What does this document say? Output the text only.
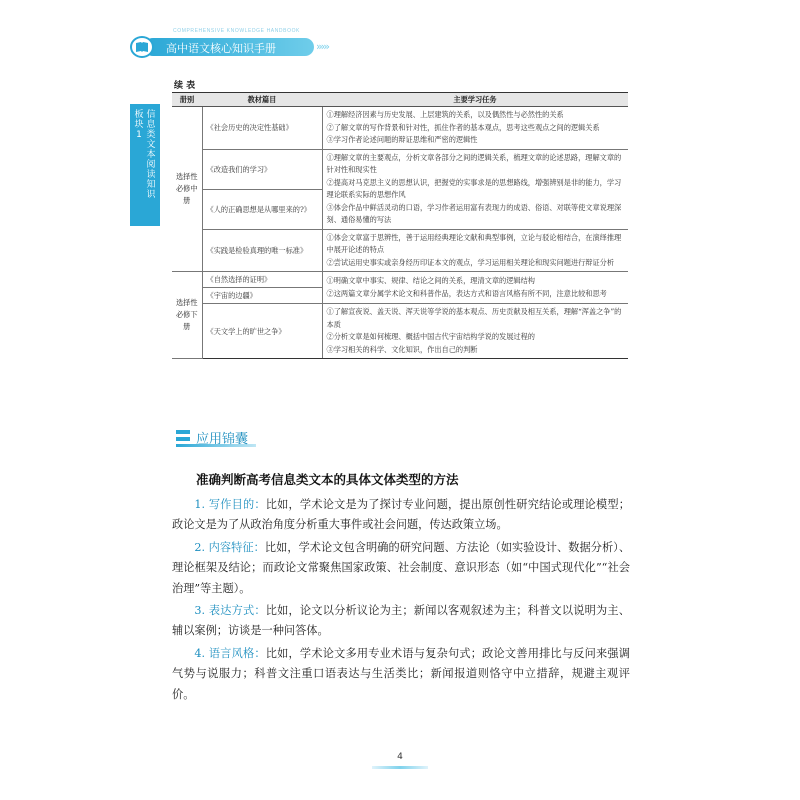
COMPREHENSIVE KNOWLEDGE HANDBOOK
高中语文核心知识手册	›››››
板
块
1
信
息
类
文
本
阅
读
知
识
续 表
册别	教材篇目	主要学习任务
选择性必修中册	《社会历史的决定性基础》	①理解经济因素与历史发展、上层建筑的关系，以及偶然性与必然性的关系
②了解文章的写作背景和针对性，抓住作者的基本观点，思考这些观点之间的逻辑关系
③学习作者论述问题的辩证思维和严密的逻辑性
	《改造我们的学习》	①理解文章的主要观点，分析文章各部分之间的逻辑关系，梳理文章的论述思路，理解文章的针对性和现实性
②提高对马克思主义的思想认识，把握党的实事求是的思想路线，增强辨别是非的能力，学习理论联系实际的思想作风
③体会作品中鲜活灵动的口语，学习作者运用富有表现力的成语、俗语、对联等使文章说理深刻、通俗易懂的写法
	《人的正确思想是从哪里来的?》	
	《实践是检验真理的唯一标准》	①体会文章富于思辨性，善于运用经典理论文献和典型事例，立论与驳论相结合，在演绎推理中展开论述的特点
②尝试运用史事实或亲身经历印证本文的观点，学习运用相关理论和现实问题进行辩证分析
选择性必修下册	《自然选择的证明》	①明确文章中事实、规律、结论之间的关系，理清文章的逻辑结构
②这两篇文章分属学术论文和科普作品，表达方式和语言风格有所不同，注意比较和思考
	《宇宙的边疆》	
	《天文学上的旷世之争》	①了解宣夜说、盖天说、浑天说等学说的基本观点、历史贡献及相互关系，理解“浑盖之争”的本质
②分析文章是如何梳理、概括中国古代宇宙结构学说的发展过程的
③学习相关的科学、文化知识，作出自己的判断
应用锦囊
准确判断高考信息类文本的具体文体类型的方法

1. 写作目的：比如，学术论文是为了探讨专业问题，提出原创性研究结论或理论模型；政论文是为了从政治角度分析重大事件或社会问题，传达政策立场。

2. 内容特征：比如，学术论文包含明确的研究问题、方法论（如实验设计、数据分析）、理论框架及结论；而政论文常聚焦国家政策、社会制度、意识形态（如“中国式现代化”“社会治理”等主题）。

3. 表达方式：比如，论文以分析议论为主；新闻以客观叙述为主；科普文以说明为主、辅以案例；访谈是一种问答体。

4. 语言风格：比如，学术论文多用专业术语与复杂句式；政论文善用排比与反问来强调气势与说服力；科普文注重口语表达与生活类比；新闻报道则恪守中立措辞，规避主观评价。

4
